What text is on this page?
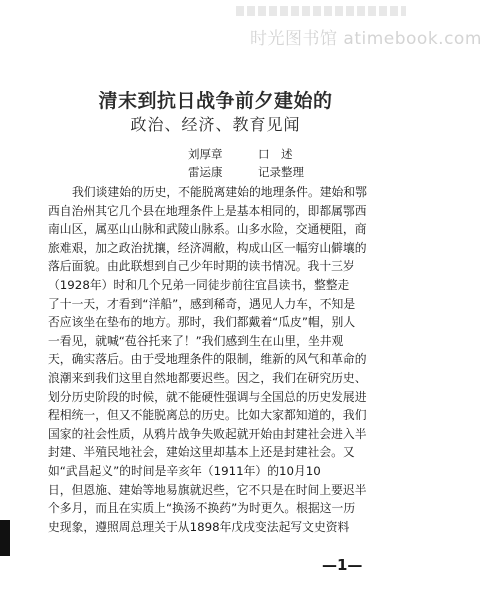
时光图书馆 atimebook.com
清末到抗日战争前夕建始的
政治、经济、教育见闻
刘厚章	口　述
雷运康	记录整理
我们谈建始的历史，不能脱离建始的地理条件。建始和鄂
西自治州其它几个县在地理条件上是基本相同的，即都属鄂西
南山区，属巫山山脉和武陵山脉系。山多水险，交通梗阻，商
旅难艰，加之政治扰攘，经济凋敝，构成山区一幅穷山僻壤的
落后面貌。由此联想到自己少年时期的读书情况。我十三岁
（1928年）时和几个兄弟一同徒步前往宜昌读书，整整走
了十一天，才看到“洋船”，感到稀奇，遇见人力车，不知是
否应该坐在垫布的地方。那时，我们都戴着“瓜皮”帽，别人
一看见，就喊“苞谷托来了！”我们感到生在山里，坐井观
天，确实落后。由于受地理条件的限制，维新的风气和革命的
浪潮来到我们这里自然地都要迟些。因之，我们在研究历史、
划分历史阶段的时候，就不能硬性强调与全国总的历史发展进
程相统一，但又不能脱离总的历史。比如大家都知道的，我们
国家的社会性质，从鸦片战争失败起就开始由封建社会进入半
封建、半殖民地社会，建始这里却基本上还是封建社会。又
如“武昌起义”的时间是辛亥年（1911年）的10月10
日，但恩施、建始等地易旗就迟些，它不只是在时间上要迟半
个多月，而且在实质上“换汤不换药”为时更久。根据这一历
史现象，遵照周总理关于从1898年戊戌变法起写文史资料
—1—
